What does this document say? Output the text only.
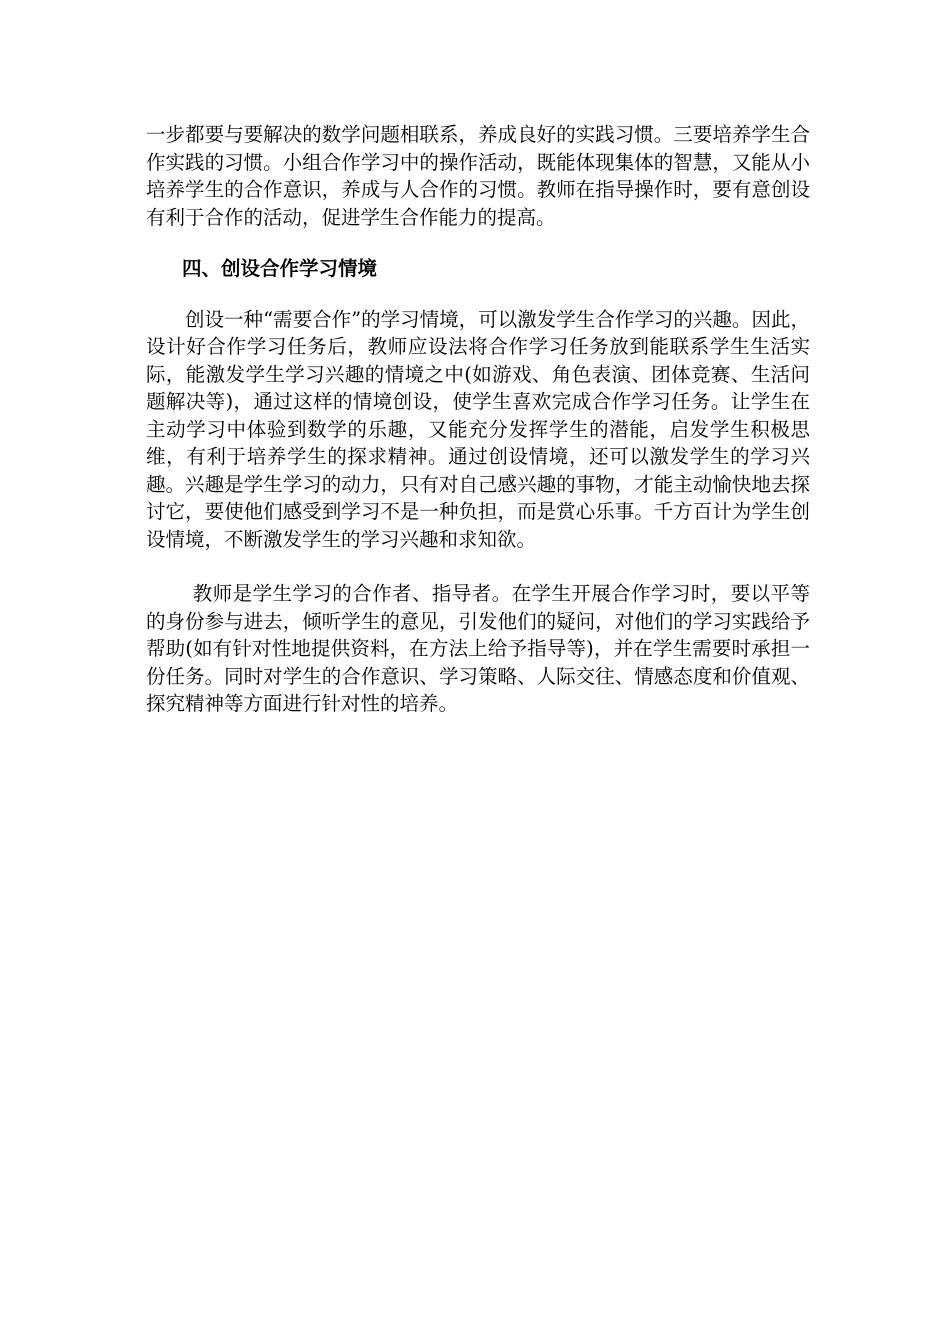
一步都要与要解决的数学问题相联系，养成良好的实践习惯。三要培养学生合作实践的习惯。小组合作学习中的操作活动，既能体现集体的智慧，又能从小培养学生的合作意识，养成与人合作的习惯。教师在指导操作时，要有意创设有利于合作的活动，促进学生合作能力的提高。

四、创设合作学习情境

创设一种“需要合作”的学习情境，可以激发学生合作学习的兴趣。因此，设计好合作学习任务后，教师应设法将合作学习任务放到能联系学生生活实际，能激发学生学习兴趣的情境之中(如游戏、角色表演、团体竞赛、生活问题解决等)，通过这样的情境创设，使学生喜欢完成合作学习任务。让学生在主动学习中体验到数学的乐趣，又能充分发挥学生的潜能，启发学生积极思维，有利于培养学生的探求精神。通过创设情境，还可以激发学生的学习兴趣。兴趣是学生学习的动力，只有对自己感兴趣的事物，才能主动愉快地去探讨它，要使他们感受到学习不是一种负担，而是赏心乐事。千方百计为学生创设情境，不断激发学生的学习兴趣和求知欲。

教师是学生学习的合作者、指导者。在学生开展合作学习时，要以平等的身份参与进去，倾听学生的意见，引发他们的疑问，对他们的学习实践给予帮助(如有针对性地提供资料，在方法上给予指导等)，并在学生需要时承担一份任务。同时对学生的合作意识、学习策略、人际交往、情感态度和价值观、探究精神等方面进行针对性的培养。
